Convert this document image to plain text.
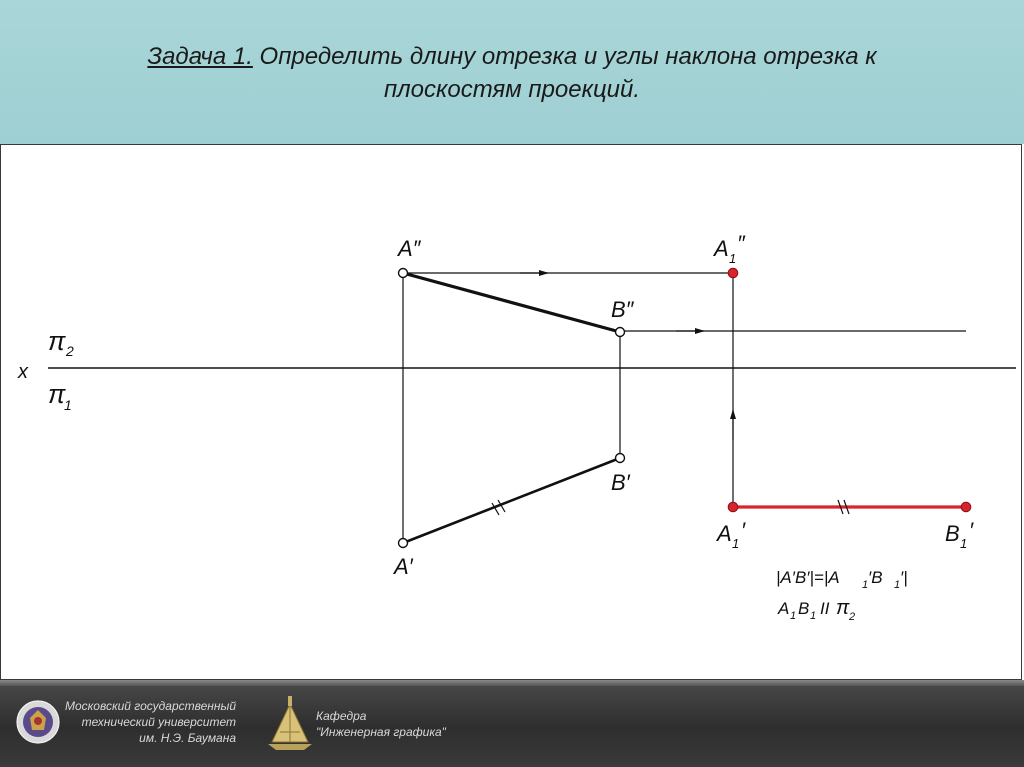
Задача 1. Определить длину отрезка и углы наклона отрезка к
плоскостям проекций.
x
π 2
π
1
A″
B″
A′
B′
A 1
″
A 1
′	B 1
′
|A′B′|=|A 1 ′B 1 ′|
A 1 B 1 II π 2
Московский государственный
технический университет
им. Н.Э. Баумана
Кафедра
"Инженерная графика"
